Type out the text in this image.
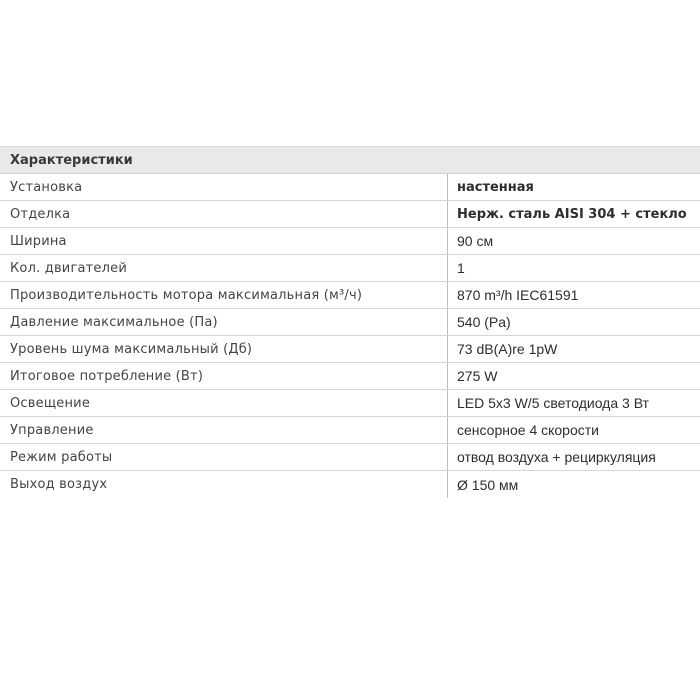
Характеристики
Установка	настенная
Отделка	Нерж. сталь AISI 304 + стекло
Ширина	90 см
Кол. двигателей	1
Производительность мотора максимальная (м³/ч)	870 m³/h IEC61591
Давление максимальное (Па)	540 (Pa)
Уровень шума максимальный (Дб)	73 dB(A)re 1pW
Итоговое потребление (Вт)	275 W
Освещение	LED 5x3 W/5 светодиода 3 Вт
Управление	сенсорное 4 скорости
Режим работы	отвод воздуха + рециркуляция
Выход воздух	Ø 150 мм
